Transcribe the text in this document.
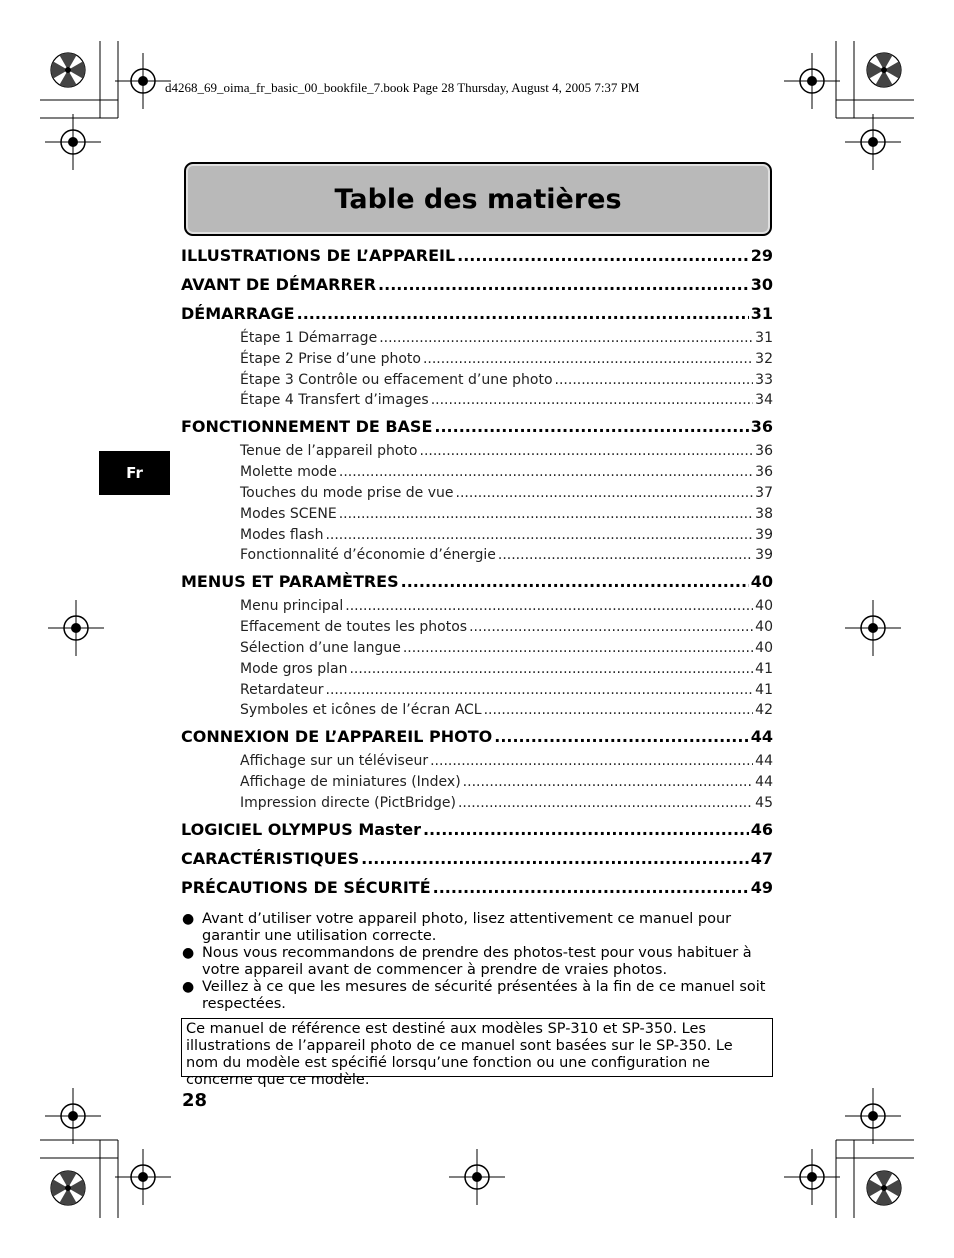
d4268_69_oima_fr_basic_00_bookfile_7.book Page 28 Thursday, August 4, 2005 7:37 PM
Table des matières
Fr
ILLUSTRATIONS DE L’APPAREIL .....	29
AVANT DE DÉMARRER .....	30
DÉMARRAGE .....	31
Étape 1 Démarrage .....	31
Étape 2 Prise d’une photo .....	32
Étape 3 Contrôle ou effacement d’une photo .....	33
Étape 4 Transfert d’images .....	34
FONCTIONNEMENT DE BASE .....	36
Tenue de l’appareil photo .....	36
Molette mode .....	36
Touches du mode prise de vue .....	37
Modes SCENE .....	38
Modes flash .....	39
Fonctionnalité d’économie d’énergie .....	39
MENUS ET PARAMÈTRES .....	40
Menu principal .....	40
Effacement de toutes les photos .....	40
Sélection d’une langue .....	40
Mode gros plan .....	41
Retardateur .....	41
Symboles et icônes de l’écran ACL .....	42
CONNEXION DE L’APPAREIL PHOTO .....	44
Affichage sur un téléviseur .....	44
Affichage de miniatures (Index) .....	44
Impression directe (PictBridge) .....	45
LOGICIEL OLYMPUS Master .....	46
CARACTÉRISTIQUES .....	47
PRÉCAUTIONS DE SÉCURITÉ .....	49
● Avant d’utiliser votre appareil photo, lisez attentivement ce manuel pour garantir une utilisation correcte.
● Nous vous recommandons de prendre des photos-test pour vous habituer à votre appareil avant de commencer à prendre de vraies photos.
● Veillez à ce que les mesures de sécurité présentées à la fin de ce manuel soit respectées.
Ce manuel de référence est destiné aux modèles SP-310 et SP-350. Les illustrations de l’appareil photo de ce manuel sont basées sur le SP-350. Le nom du modèle est spécifié lorsqu’une fonction ou une configuration ne concerne que ce modèle.
28
